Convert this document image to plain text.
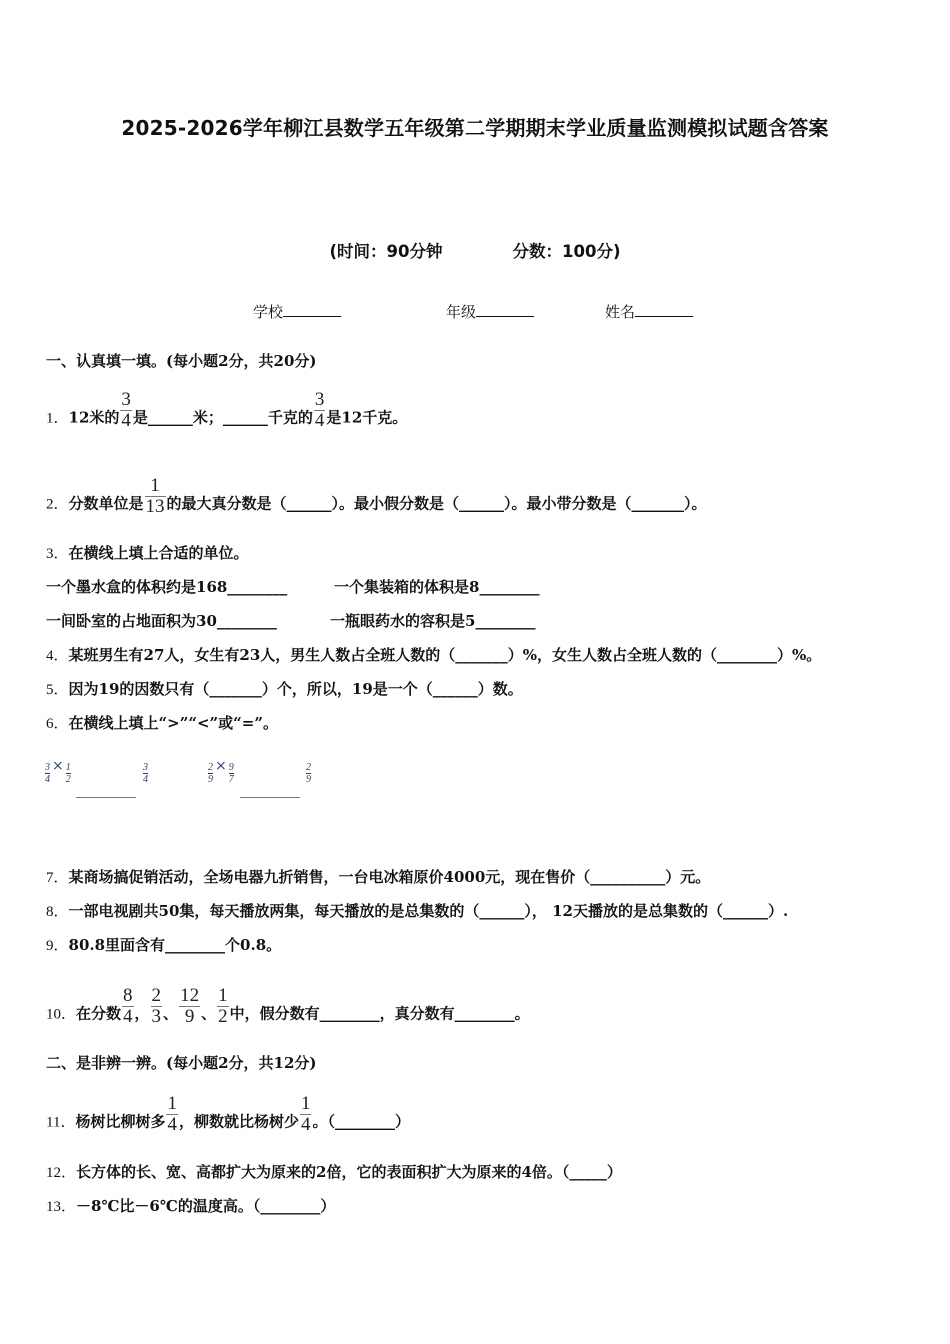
2025-2026学年柳江县数学五年级第二学期期末学业质量监测模拟试题含答案
(时间：90分钟	分数：100分)
学校	年级	姓名
一、认真填一填。(每小题2分，共20分)
1．12米的 $\frac{3}{4}$ 是______米；______千克的 $\frac{3}{4}$ 是12千克。
2．分数单位是 $\frac{1}{13}$ 的最大真分数是（______）。最小假分数是（______）。最小带分数是（_______）。
3．在横线上填上合适的单位。
一个墨水盒的体积约是168________	一个集装箱的体积是8________
一间卧室的占地面积为30________	一瓶眼药水的容积是5________
4．某班男生有27人，女生有23人，男生人数占全班人数的（_______）%，女生人数占全班人数的（________）%。
5．因为19的因数只有（_______）个，所以，19是一个（______）数。
6．在横线上填上“>”“<”或“=”。
$\frac{3}{4} \times \frac{1}{2}$
________
$\frac{3}{4}$	$\frac{2}{9} \times \frac{9}{7}$
________
$\frac{2}{9}$
7．某商场搞促销活动，全场电器九折销售，一台电冰箱原价4000元，现在售价（__________）元。
8．一部电视剧共50集，每天播放两集，每天播放的是总集数的（______）， 12天播放的是总集数的（______）.
9．80.8里面含有________个0.8。
10．在分数 $\frac{8}{4}$ ， $\frac{2}{3}$ 、 $\frac{12}{9}$ 、 $\frac{1}{2}$ 中，假分数有________，真分数有________。
二、是非辨一辨。(每小题2分，共12分)
11．杨树比柳树多 $\frac{1}{4}$ ，柳数就比杨树少 $\frac{1}{4}$ 。（________）
12．长方体的长、宽、高都扩大为原来的2倍，它的表面积扩大为原来的4倍。（_____）
13．－8℃比－6℃的温度高。（________）
